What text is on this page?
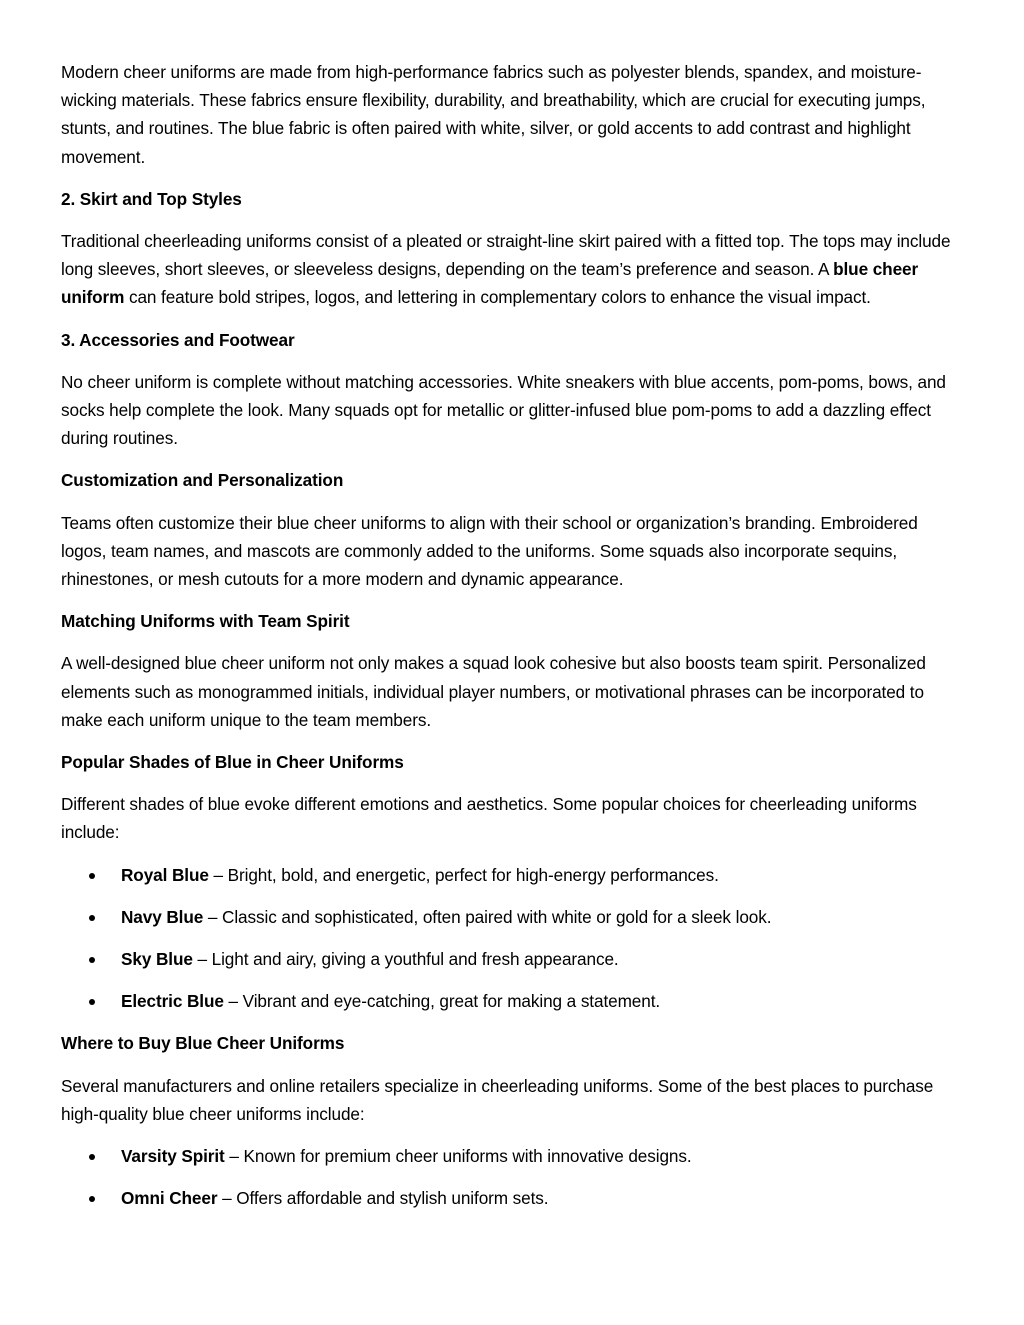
Modern cheer uniforms are made from high-performance fabrics such as polyester blends, spandex, and moisture-wicking materials. These fabrics ensure flexibility, durability, and breathability, which are crucial for executing jumps, stunts, and routines. The blue fabric is often paired with white, silver, or gold accents to add contrast and highlight movement.

2. Skirt and Top Styles

Traditional cheerleading uniforms consist of a pleated or straight-line skirt paired with a fitted top. The tops may include long sleeves, short sleeves, or sleeveless designs, depending on the team’s preference and season. A blue cheer uniform can feature bold stripes, logos, and lettering in complementary colors to enhance the visual impact.

3. Accessories and Footwear

No cheer uniform is complete without matching accessories. White sneakers with blue accents, pom-poms, bows, and socks help complete the look. Many squads opt for metallic or glitter-infused blue pom-poms to add a dazzling effect during routines.

Customization and Personalization

Teams often customize their blue cheer uniforms to align with their school or organization’s branding. Embroidered logos, team names, and mascots are commonly added to the uniforms. Some squads also incorporate sequins, rhinestones, or mesh cutouts for a more modern and dynamic appearance.

Matching Uniforms with Team Spirit

A well-designed blue cheer uniform not only makes a squad look cohesive but also boosts team spirit. Personalized elements such as monogrammed initials, individual player numbers, or motivational phrases can be incorporated to make each uniform unique to the team members.

Popular Shades of Blue in Cheer Uniforms

Different shades of blue evoke different emotions and aesthetics. Some popular choices for cheerleading uniforms include:

Royal Blue – Bright, bold, and energetic, perfect for high-energy performances.
Navy Blue – Classic and sophisticated, often paired with white or gold for a sleek look.
Sky Blue – Light and airy, giving a youthful and fresh appearance.
Electric Blue – Vibrant and eye-catching, great for making a statement.
Where to Buy Blue Cheer Uniforms

Several manufacturers and online retailers specialize in cheerleading uniforms. Some of the best places to purchase high-quality blue cheer uniforms include:

Varsity Spirit – Known for premium cheer uniforms with innovative designs.
Omni Cheer – Offers affordable and stylish uniform sets.
